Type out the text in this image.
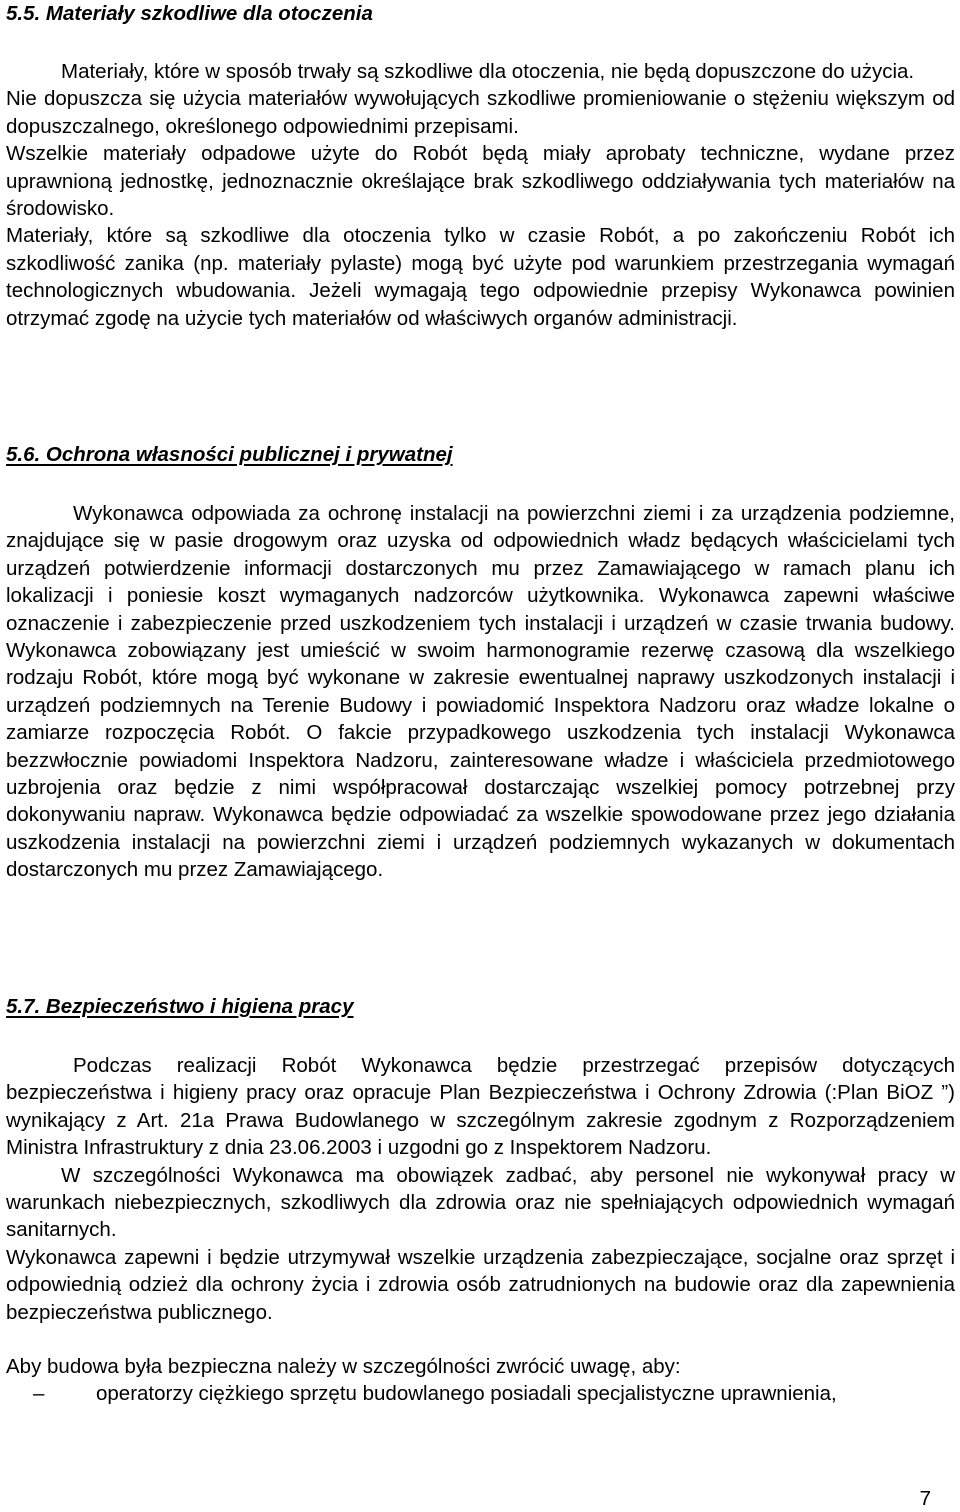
5.5. Materiały szkodliwe dla otoczenia

Materiały, które w sposób trwały są szkodliwe dla otoczenia, nie będą dopuszczone do użycia.

Nie dopuszcza się użycia materiałów wywołujących szkodliwe promieniowanie o stężeniu większym od dopuszczalnego, określonego odpowiednimi przepisami.

Wszelkie materiały odpadowe użyte do Robót będą miały aprobaty techniczne, wydane przez uprawnioną jednostkę, jednoznacznie określające brak szkodliwego oddziaływania tych materiałów na środowisko.

Materiały, które są szkodliwe dla otoczenia tylko w czasie Robót, a po zakończeniu Robót ich szkodliwość zanika (np. materiały pylaste) mogą być użyte pod warunkiem przestrzegania wymagań technologicznych wbudowania. Jeżeli wymagają tego odpowiednie przepisy Wykonawca powinien otrzymać zgodę na użycie tych materiałów od właściwych organów administracji.

5.6. Ochrona własności publicznej i prywatnej

Wykonawca odpowiada za ochronę instalacji na powierzchni ziemi i za urządzenia podziemne, znajdujące się w pasie drogowym oraz uzyska od odpowiednich władz będących właścicielami tych urządzeń potwierdzenie informacji dostarczonych mu przez Zamawiającego w ramach planu ich lokalizacji i poniesie koszt wymaganych nadzorców użytkownika. Wykonawca zapewni właściwe oznaczenie i zabezpieczenie przed uszkodzeniem tych instalacji i urządzeń w czasie trwania budowy. Wykonawca zobowiązany jest umieścić w swoim harmonogramie rezerwę czasową dla wszelkiego rodzaju Robót, które mogą być wykonane w zakresie ewentualnej naprawy uszkodzonych instalacji i urządzeń podziemnych na Terenie Budowy i powiadomić Inspektora Nadzoru oraz władze lokalne o zamiarze rozpoczęcia Robót. O fakcie przypadkowego uszkodzenia tych instalacji Wykonawca bezzwłocznie powiadomi Inspektora Nadzoru, zainteresowane władze i właściciela przedmiotowego uzbrojenia oraz będzie z nimi współpracował dostarczając wszelkiej pomocy potrzebnej przy dokonywaniu napraw. Wykonawca będzie odpowiadać za wszelkie spowodowane przez jego działania uszkodzenia instalacji na powierzchni ziemi i urządzeń podziemnych wykazanych w dokumentach dostarczonych mu przez Zamawiającego.

5.7. Bezpieczeństwo i higiena pracy

Podczas realizacji Robót Wykonawca będzie przestrzegać przepisów dotyczących bezpieczeństwa i higieny pracy oraz opracuje Plan Bezpieczeństwa i Ochrony Zdrowia (:Plan BiOZ ”) wynikający z Art. 21a Prawa Budowlanego w szczególnym zakresie zgodnym z Rozporządzeniem Ministra Infrastruktury z dnia 23.06.2003 i uzgodni go z Inspektorem Nadzoru.

W szczególności Wykonawca ma obowiązek zadbać, aby personel nie wykonywał pracy w warunkach niebezpiecznych, szkodliwych dla zdrowia oraz nie spełniających odpowiednich wymagań sanitarnych.

Wykonawca zapewni i będzie utrzymywał wszelkie urządzenia zabezpieczające, socjalne oraz sprzęt i odpowiednią odzież dla ochrony życia i zdrowia osób zatrudnionych na budowie oraz dla zapewnienia bezpieczeństwa publicznego.

Aby budowa była bezpieczna należy w szczególności zwrócić uwagę, aby:

–	operatorzy ciężkiego sprzętu budowlanego posiadali specjalistyczne uprawnienia,
7
